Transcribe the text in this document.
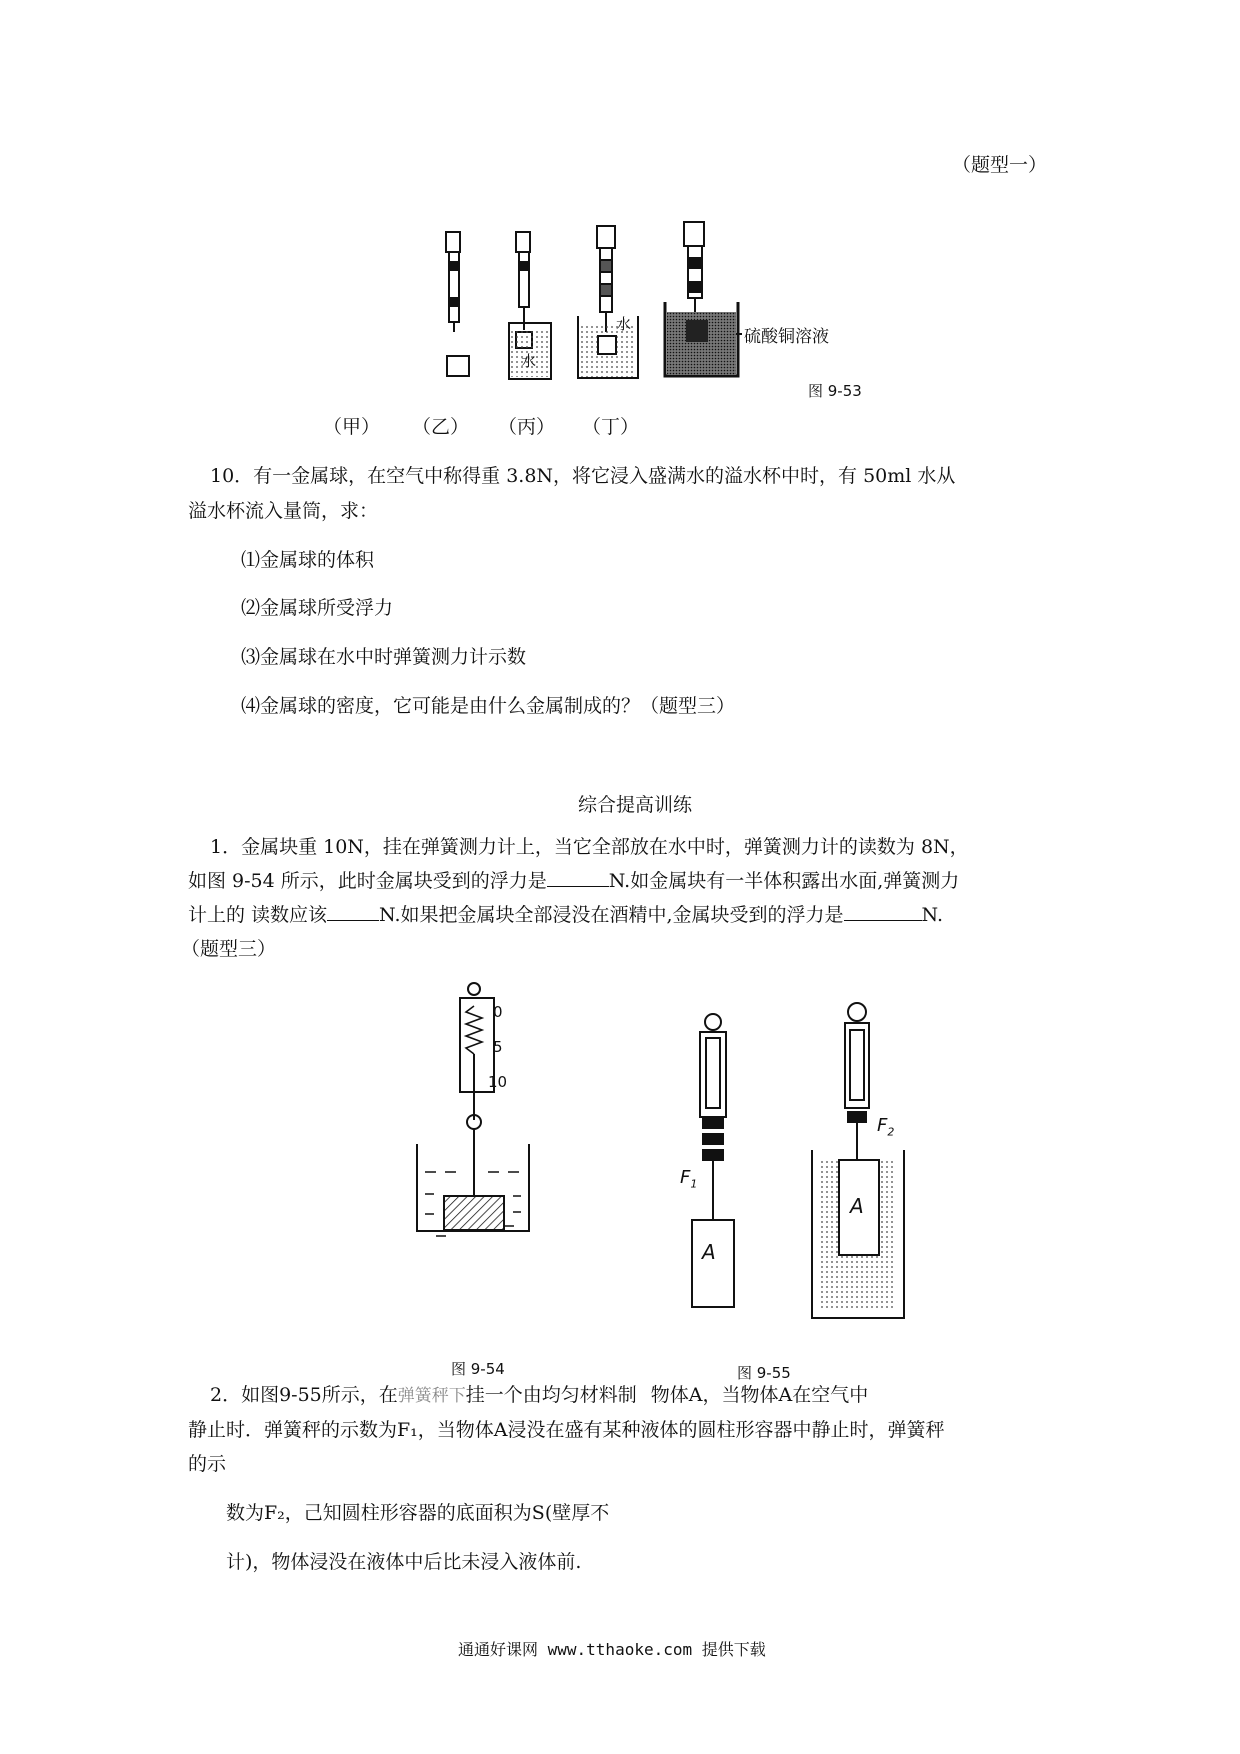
（题型一）
水
水
硫酸铜溶液
图 9-53
（甲） （乙） （丙） （丁）
10．有一金属球，在空气中称得重 3.8N，将它浸入盛满水的溢水杯中时，有 50ml 水从
溢水杯流入量筒，求：
⑴金属球的体积
⑵金属球所受浮力
⑶金属球在水中时弹簧测力计示数
⑷金属球的密度，它可能是由什么金属制成的？（题型三）
综合提高训练
1．金属块重 10N，挂在弹簧测力计上，当它全部放在水中时，弹簧测力计的读数为 8N，
如图 9-54 所示，此时金属块受到的浮力是	N.如金属块有一半体积露出水面,弹簧测力
计上的 读数应该	N.如果把金属块全部浸没在酒精中,金属块受到的浮力是	N.
（题型三）
0
5
10
图 9-54
A
A
$F_1$
$F_2$
图 9-55
2．如图9-55所示，在弹簧秤下挂一个由均匀材料制 物体A，当物体A在空气中
静止时．弹簧秤的示数为F₁，当物体A浸没在盛有某种液体的圆柱形容器中静止时，弹簧秤
的示
数为F₂，己知圆柱形容器的底面积为S(壁厚不
计)，物体浸没在液体中后比未浸入液体前.
通通好课网 www.tthaoke.com 提供下载
